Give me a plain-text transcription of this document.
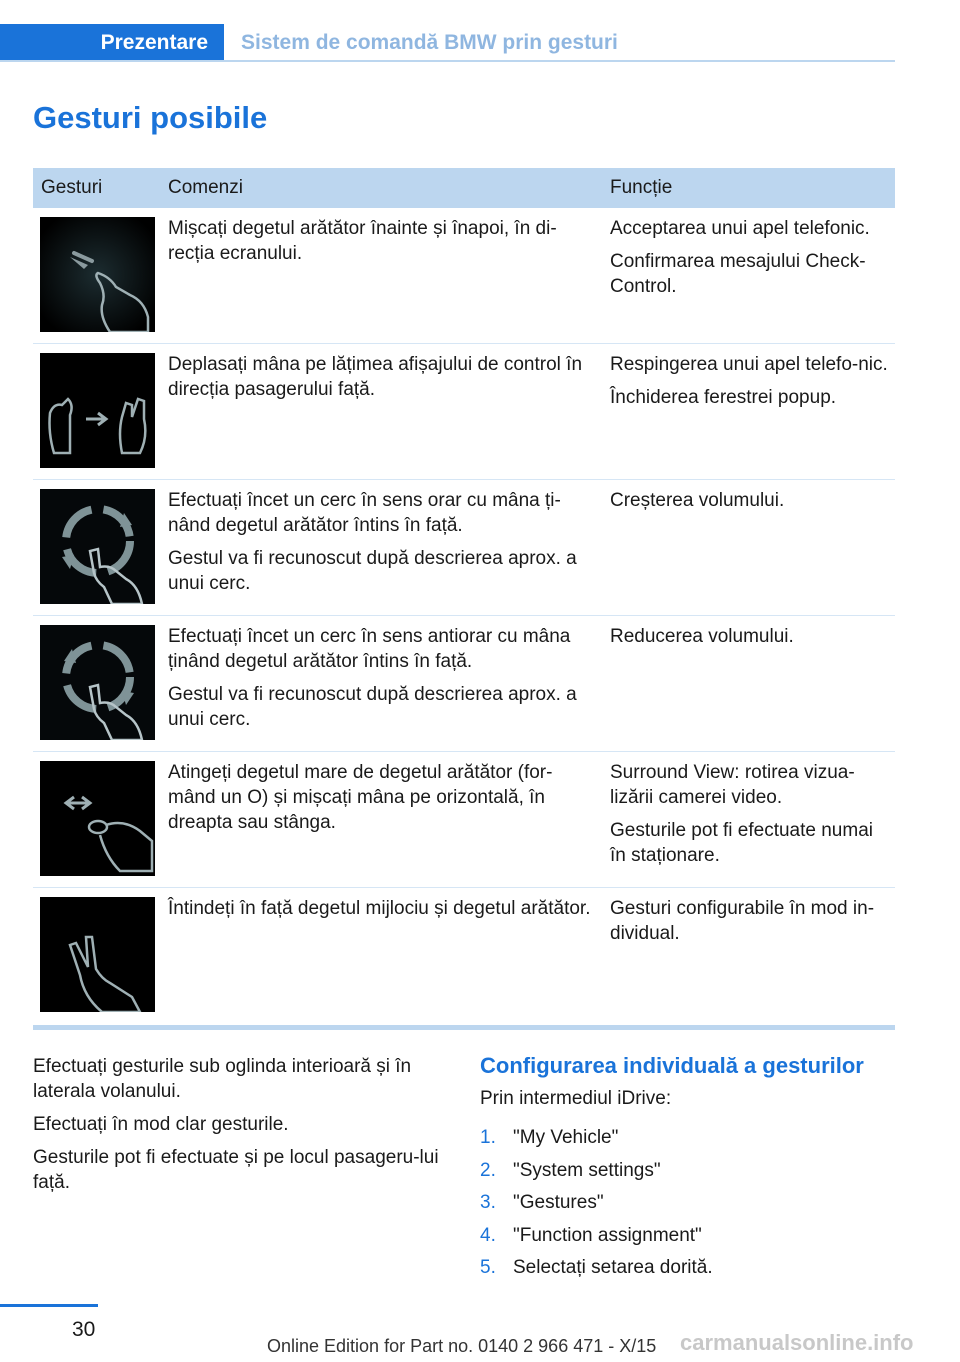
Prezentare Sistem de comandă BMW prin gesturi
Gesturi posibile
Gesturi	Comenzi	Funcție

Mișcați degetul arătător înainte și înapoi, în di-recția ecranului.

Acceptarea unui apel telefonic.

Confirmarea mesajului Check-Control.

Deplasați mâna pe lățimea afișajului de control în direcția pasagerului față.

Respingerea unui apel telefo-nic.

Închiderea ferestrei popup.

Efectuați încet un cerc în sens orar cu mâna ți-nând degetul arătător întins în față.

Gestul va fi recunoscut după descrierea aprox. a unui cerc.

Creșterea volumului.

Efectuați încet un cerc în sens antiorar cu mâna ținând degetul arătător întins în față.

Gestul va fi recunoscut după descrierea aprox. a unui cerc.

Reducerea volumului.

Atingeți degetul mare de degetul arătător (for-mând un O) și mișcați mâna pe orizontală, în dreapta sau stânga.

Surround View: rotirea vizua-lizării camerei video.

Gesturile pot fi efectuate numai în staționare.

Întindeți în față degetul mijlociu și degetul arătător. Gesturi configurabile în mod in-dividual.

Efectuați gesturile sub oglinda interioară și în laterala volanului.

Efectuați în mod clar gesturile.

Gesturile pot fi efectuate și pe locul pasageru-lui față.

Configurarea individuală a gesturilor

Prin intermediul iDrive:

1. "My Vehicle"
2. "System settings"
3. "Gestures"
4. "Function assignment"
5. Selectați setarea dorită.
30
Online Edition for Part no. 0140 2 966 471 - X/15 carmanualsonline.info
